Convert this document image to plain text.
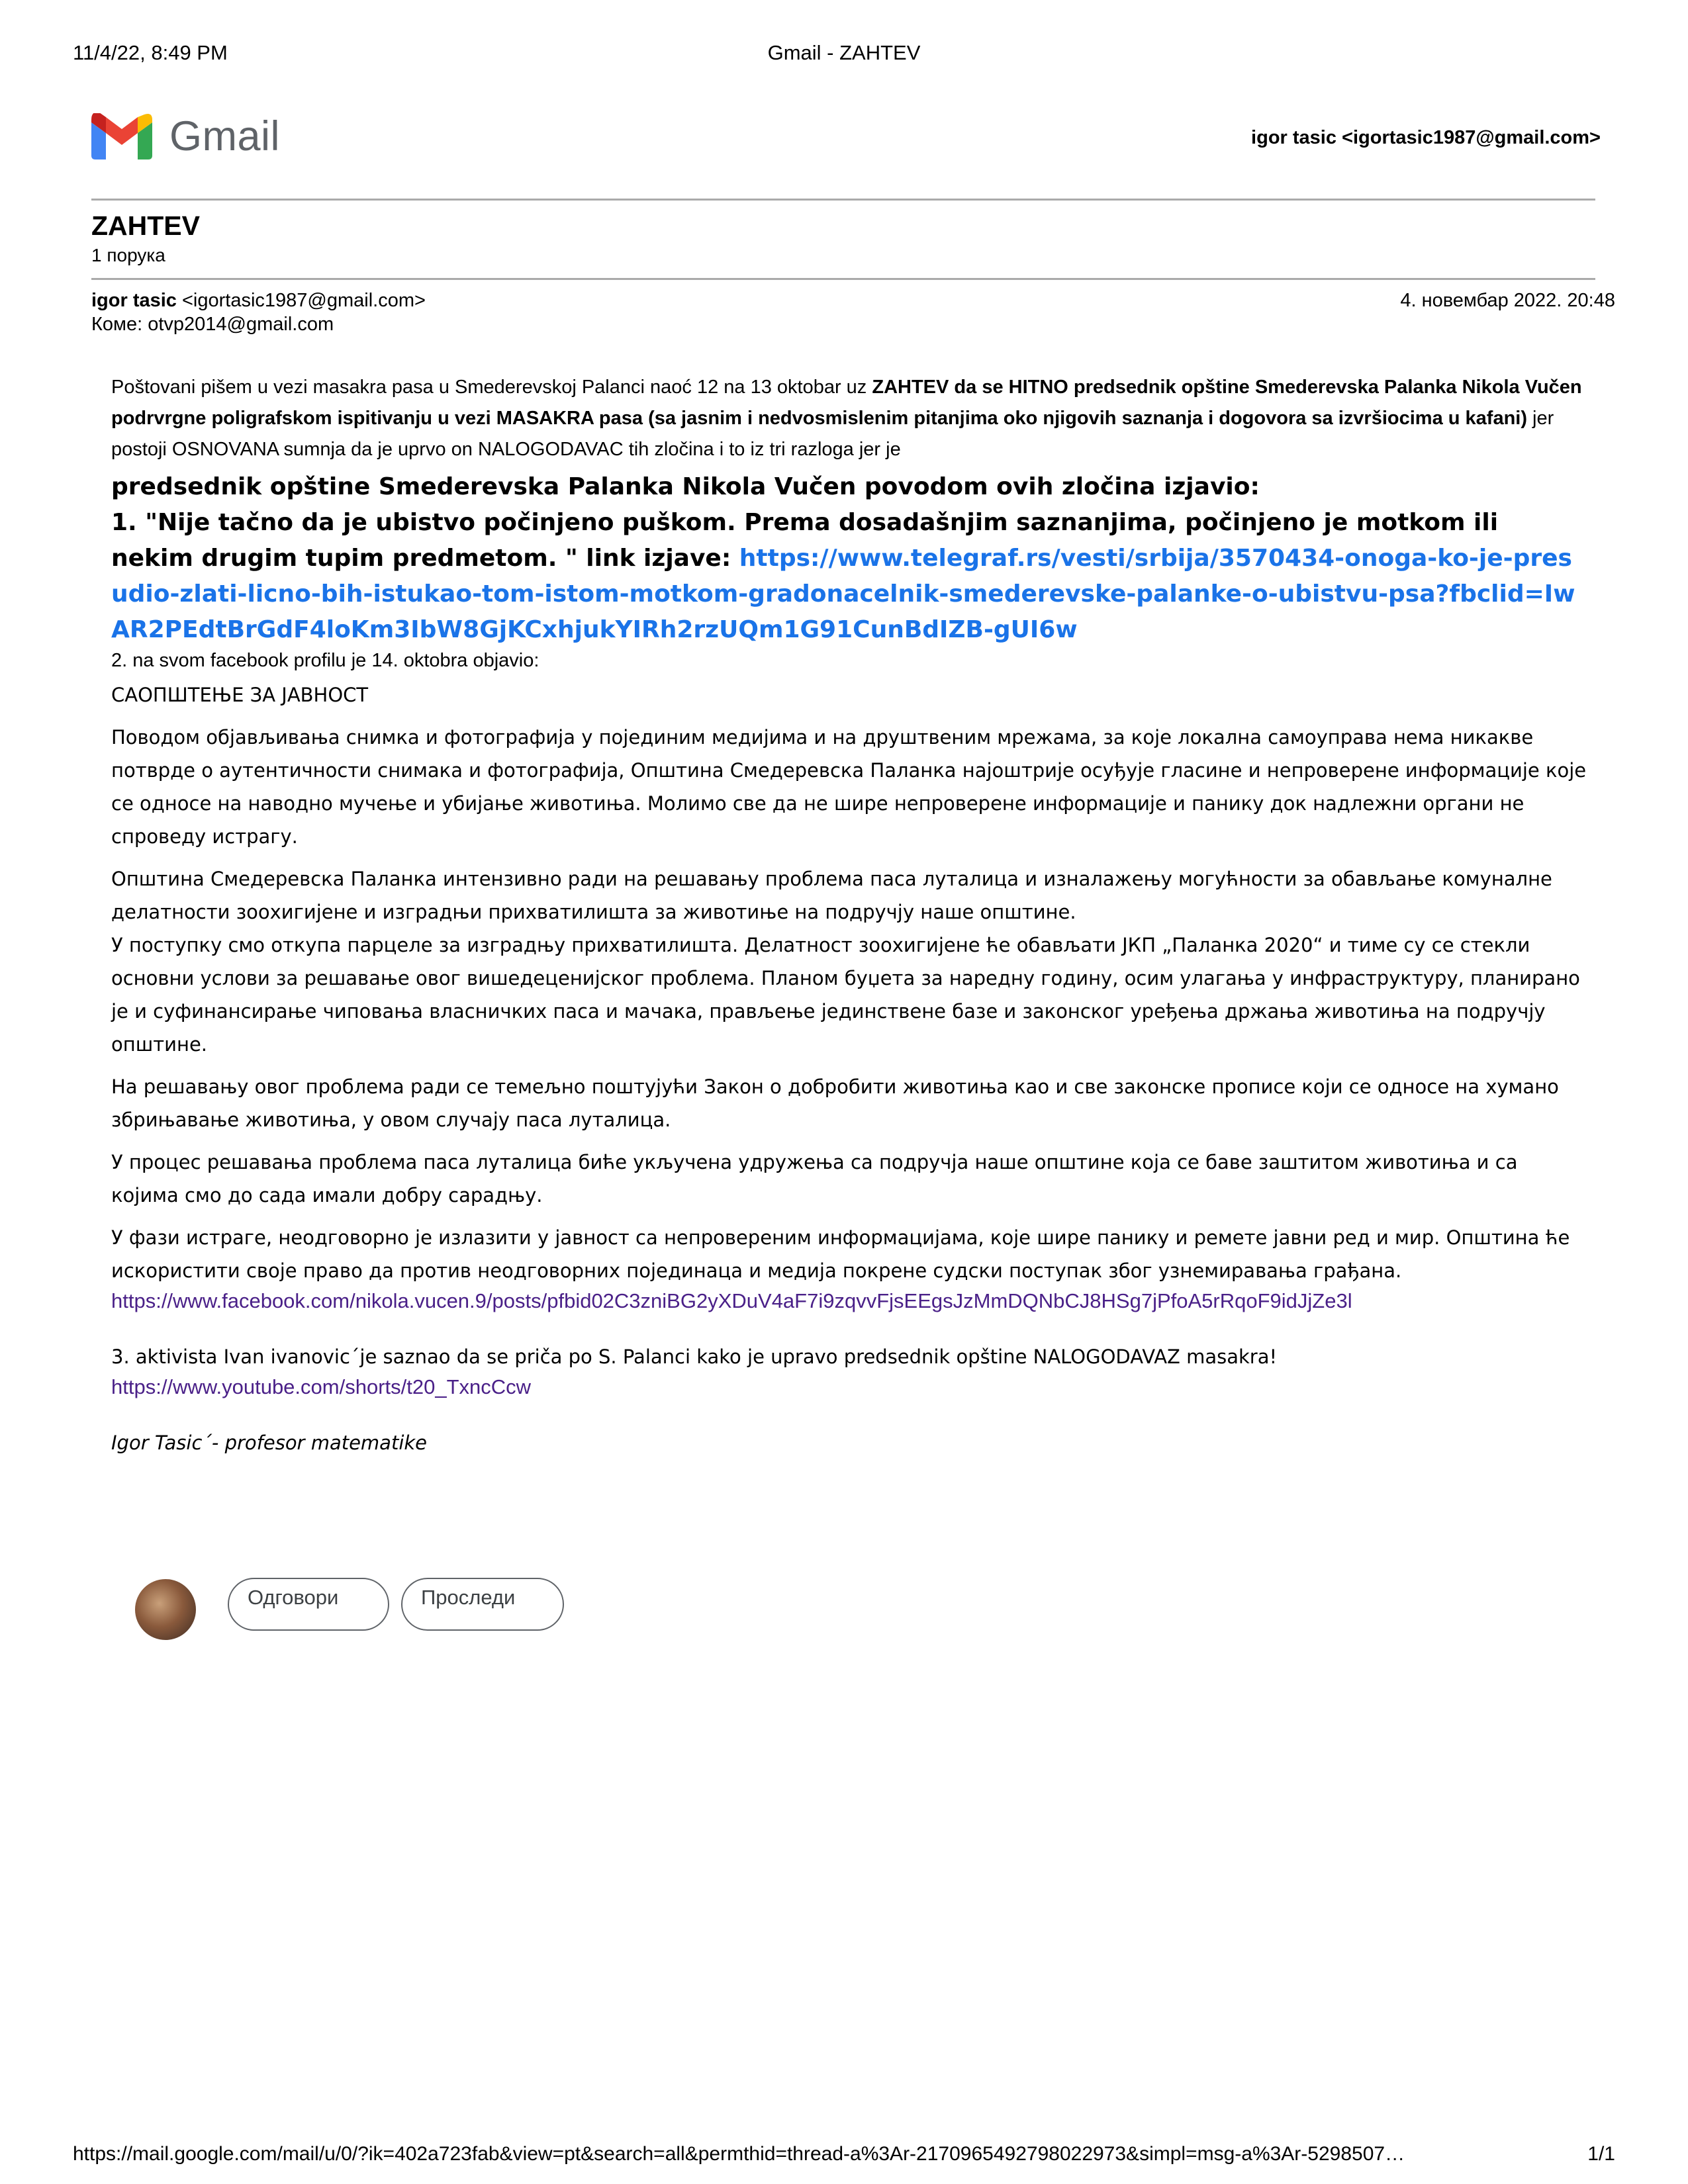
11/4/22, 8:49 PM	Gmail - ZAHTEV
Gmail	igor tasic <igortasic1987@gmail.com>
ZAHTEV
1 порука
igor tasic <igortasic1987@gmail.com>	4. новембар 2022. 20:48
Коме: otvp2014@gmail.com

Poštovani pišem u vezi masakra pasa u Smederevskoj Palanci naoć 12 na 13 oktobar uz ZAHTEV da se HITNO predsednik opštine Smederevska Palanka Nikola Vučen podrvrgne poligrafskom ispitivanju u vezi MASAKRA pasa (sa jasnim i nedvosmislenim pitanjima oko njigovih saznanja i dogovora sa izvršiocima u kafani) jer postoji OSNOVANA sumnja da je uprvo on NALOGODAVAC tih zločina i to iz tri razloga jer je

predsednik opštine Smederevska Palanka Nikola Vučen povodom ovih zločina izjavio:

1. "Nije tačno da je ubistvo počinjeno puškom. Prema dosadašnjim saznanjima, počinjeno je motkom ili nekim drugim tupim predmetom. " link izjave: https://www.telegraf.rs/vesti/srbija/3570434-onoga-ko-je-presudio-zlati-licno-bih-istukao-tom-istom-motkom-gradonacelnik-smederevske-palanke-o-ubistvu-psa?fbclid=IwAR2PEdtBrGdF4loKm3IbW8GjKCxhjukYIRh2rzUQm1G91CunBdIZB-gUI6w

2. na svom facebook profilu je 14. oktobra objavio:

САОПШТЕЊЕ ЗА ЈАВНОСТ

Поводом објављивања снимка и фотографија у појединим медијима и на друштвеним мрежама, за које локална самоуправа нема никакве потврде о аутентичности снимака и фотографија, Општина Смедеревска Паланка најоштрије осуђује гласине и непроверене информације које се односе на наводно мучење и убијање животиња. Молимо све да не шире непроверене информације и панику док надлежни органи не спроведу истрагу.

Општина Смедеревска Паланка интензивно ради на решавању проблема паса луталица и изналажењу могућности за обављање комуналне делатности зоохигијене и изградњи прихватилишта за животиње на подручју наше општине.

У поступку смо откупа парцеле за изградњу прихватилишта. Делатност зоохигијене ће обављати ЈКП „Паланка 2020“ и тиме су се стекли основни услови за решавање овог вишедеценијског проблема. Планом буџета за наредну годину, осим улагања у инфраструктуру, планирано је и суфинансирање чиповања власничких паса и мачака, прављење јединствене базе и законског уређења држања животиња на подручју општине.

На решавању овог проблема ради се темељно поштујући Закон о добробити животиња као и све законске прописе који се односе на хумано збрињавање животиња, у овом случају паса луталица.

У процес решавања проблема паса луталица биће укључена удружења са подручја наше општине која се баве заштитом животиња и са којима смо до сада имали добру сарадњу.

У фази истраге, неодговорно је излазити у јавност са непровереним информацијама, које шире панику и ремете јавни ред и мир. Општина ће искористити своје право да против неодговорних појединаца и медија покрене судски поступак због узнемиравања грађана.

https://www.facebook.com/nikola.vucen.9/posts/pfbid02C3zniBG2yXDuV4aF7i9zqvvFjsEEgsJzMmDQNbCJ8HSg7jPfoA5rRqoF9idJjZe3l

3. aktivista Ivan ivanovic´je saznao da se priča po S. Palanci kako je upravo predsednik opštine NALOGODAVAZ masakra!

https://www.youtube.com/shorts/t20_TxncCcw

Igor Tasic´- profesor matematike

Одговори	Проследи
https://mail.google.com/mail/u/0/?ik=402a723fab&view=pt&search=all&permthid=thread-a%3Ar-2170965492798022973&simpl=msg-a%3Ar-5298507…	1/1
